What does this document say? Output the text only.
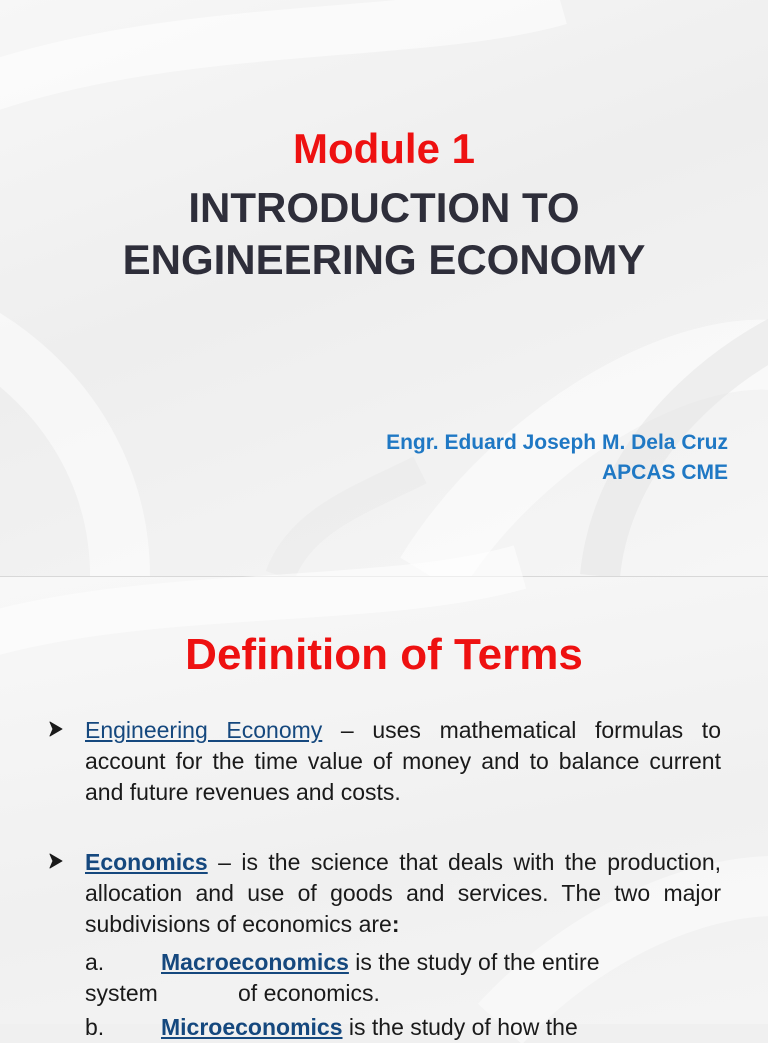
Module 1
INTRODUCTION TO
ENGINEERING ECONOMY
Engr. Eduard Joseph M. Dela Cruz
APCAS CME
Definition of Terms
Engineering Economy – uses mathematical formulas to account for the time value of money and to balance current and future revenues and costs.
Economics – is the science that deals with the production, allocation and use of goods and services. The two major subdivisions of economics are:
a. Macroeconomics is the study of the entire
system	of economics.
b. Microeconomics is the study of how the
